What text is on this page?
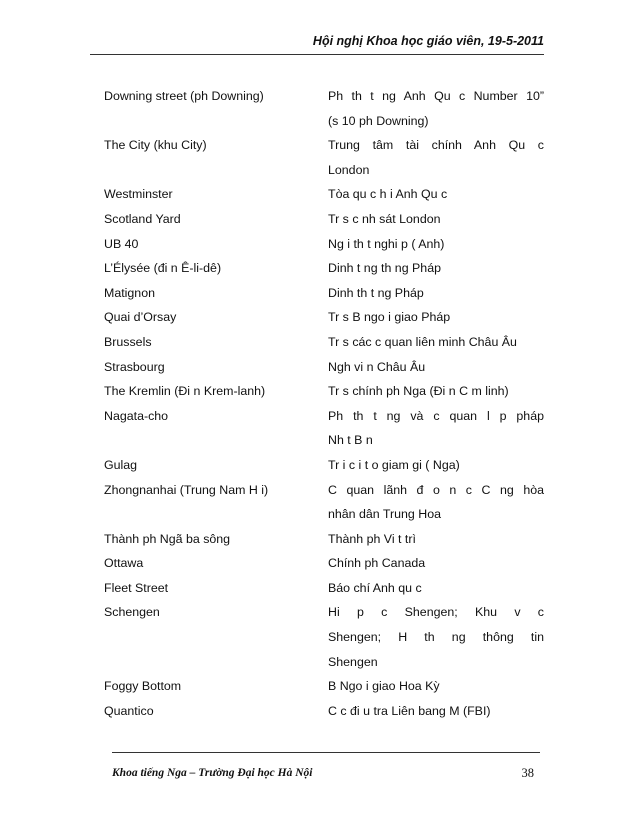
Hội nghị Khoa học giáo viên, 19-5-2011
Downing street (ph Downing)	Ph th t ng Anh Qu c Number 10”
(s 10 ph Downing)
The City (khu City)	Trung tâm tài chính Anh Qu c
London
Westminster	Tòa qu c h i Anh Qu c
Scotland Yard	Tr s c nh sát London
UB 40	Ng i th t nghi p ( Anh)
L’Élysée (đi n Ê-li-dê)	Dinh t ng th ng Pháp
Matignon	Dinh th t ng Pháp
Quai d’Orsay	Tr s B ngo i giao Pháp
Brussels	Tr s các c quan liên minh Châu Âu
Strasbourg	Ngh vi n Châu Âu
The Kremlin (Đi n Krem-lanh)	Tr s chính ph Nga (Đi n C m linh)
Nagata-cho	Ph th t ng và c quan l p pháp
Nh t B n
Gulag	Tr i c i t o giam gi ( Nga)
Zhongnanhai (Trung Nam H i)	C quan lãnh đ o n c C ng hòa
nhân dân Trung Hoa
Thành ph Ngã ba sông	Thành ph Vi t trì
Ottawa	Chính ph Canada
Fleet Street	Báo chí Anh qu c
Schengen	Hi p c Shengen; Khu v c
Shengen; H th ng thông tin
Shengen
Foggy Bottom	B Ngo i giao Hoa Kỳ
Quantico	C c đi u tra Liên bang M (FBI)
Khoa tiếng Nga – Trường Đại học Hà Nội	38
